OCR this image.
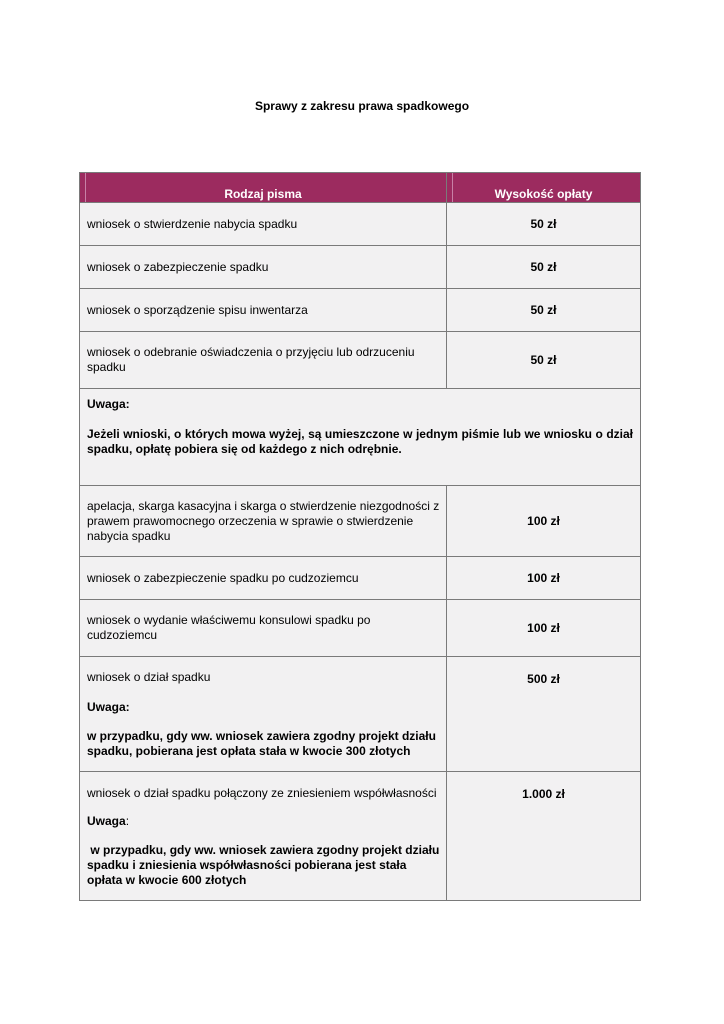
Sprawy z zakresu prawa spadkowego
Rodzaj pisma	Wysokość opłaty

wniosek o stwierdzenie nabycia spadku	50 zł
wniosek o zabezpieczenie spadku	50 zł
wniosek o sporządzenie spisu inwentarza	50 zł
wniosek o odebranie oświadczenia o przyjęciu lub odrzuceniu spadku	50 zł

Uwaga:

Jeżeli wnioski, o których mowa wyżej, są umieszczone w jednym piśmie lub we wniosku o dział spadku, opłatę pobiera się od każdego z nich odrębnie.	

apelacja, skarga kasacyjna i skarga o stwierdzenie niezgodności z prawem prawomocnego orzeczenia w sprawie o stwierdzenie nabycia spadku	100 zł
wniosek o zabezpieczenie spadku po cudzoziemcu	100 zł
wniosek o wydanie właściwemu konsulowi spadku po cudzoziemcu	100 zł

wniosek o dział spadku

Uwaga:

w przypadku, gdy ww. wniosek zawiera zgodny projekt działu spadku, pobierana jest opłata stała w kwocie 300 złotych	500 zł

wniosek o dział spadku połączony ze zniesieniem współwłasności

Uwaga:

w przypadku, gdy ww. wniosek zawiera zgodny projekt działu spadku i zniesienia współwłasności pobierana jest stała opłata w kwocie 600 złotych	1.000 zł
